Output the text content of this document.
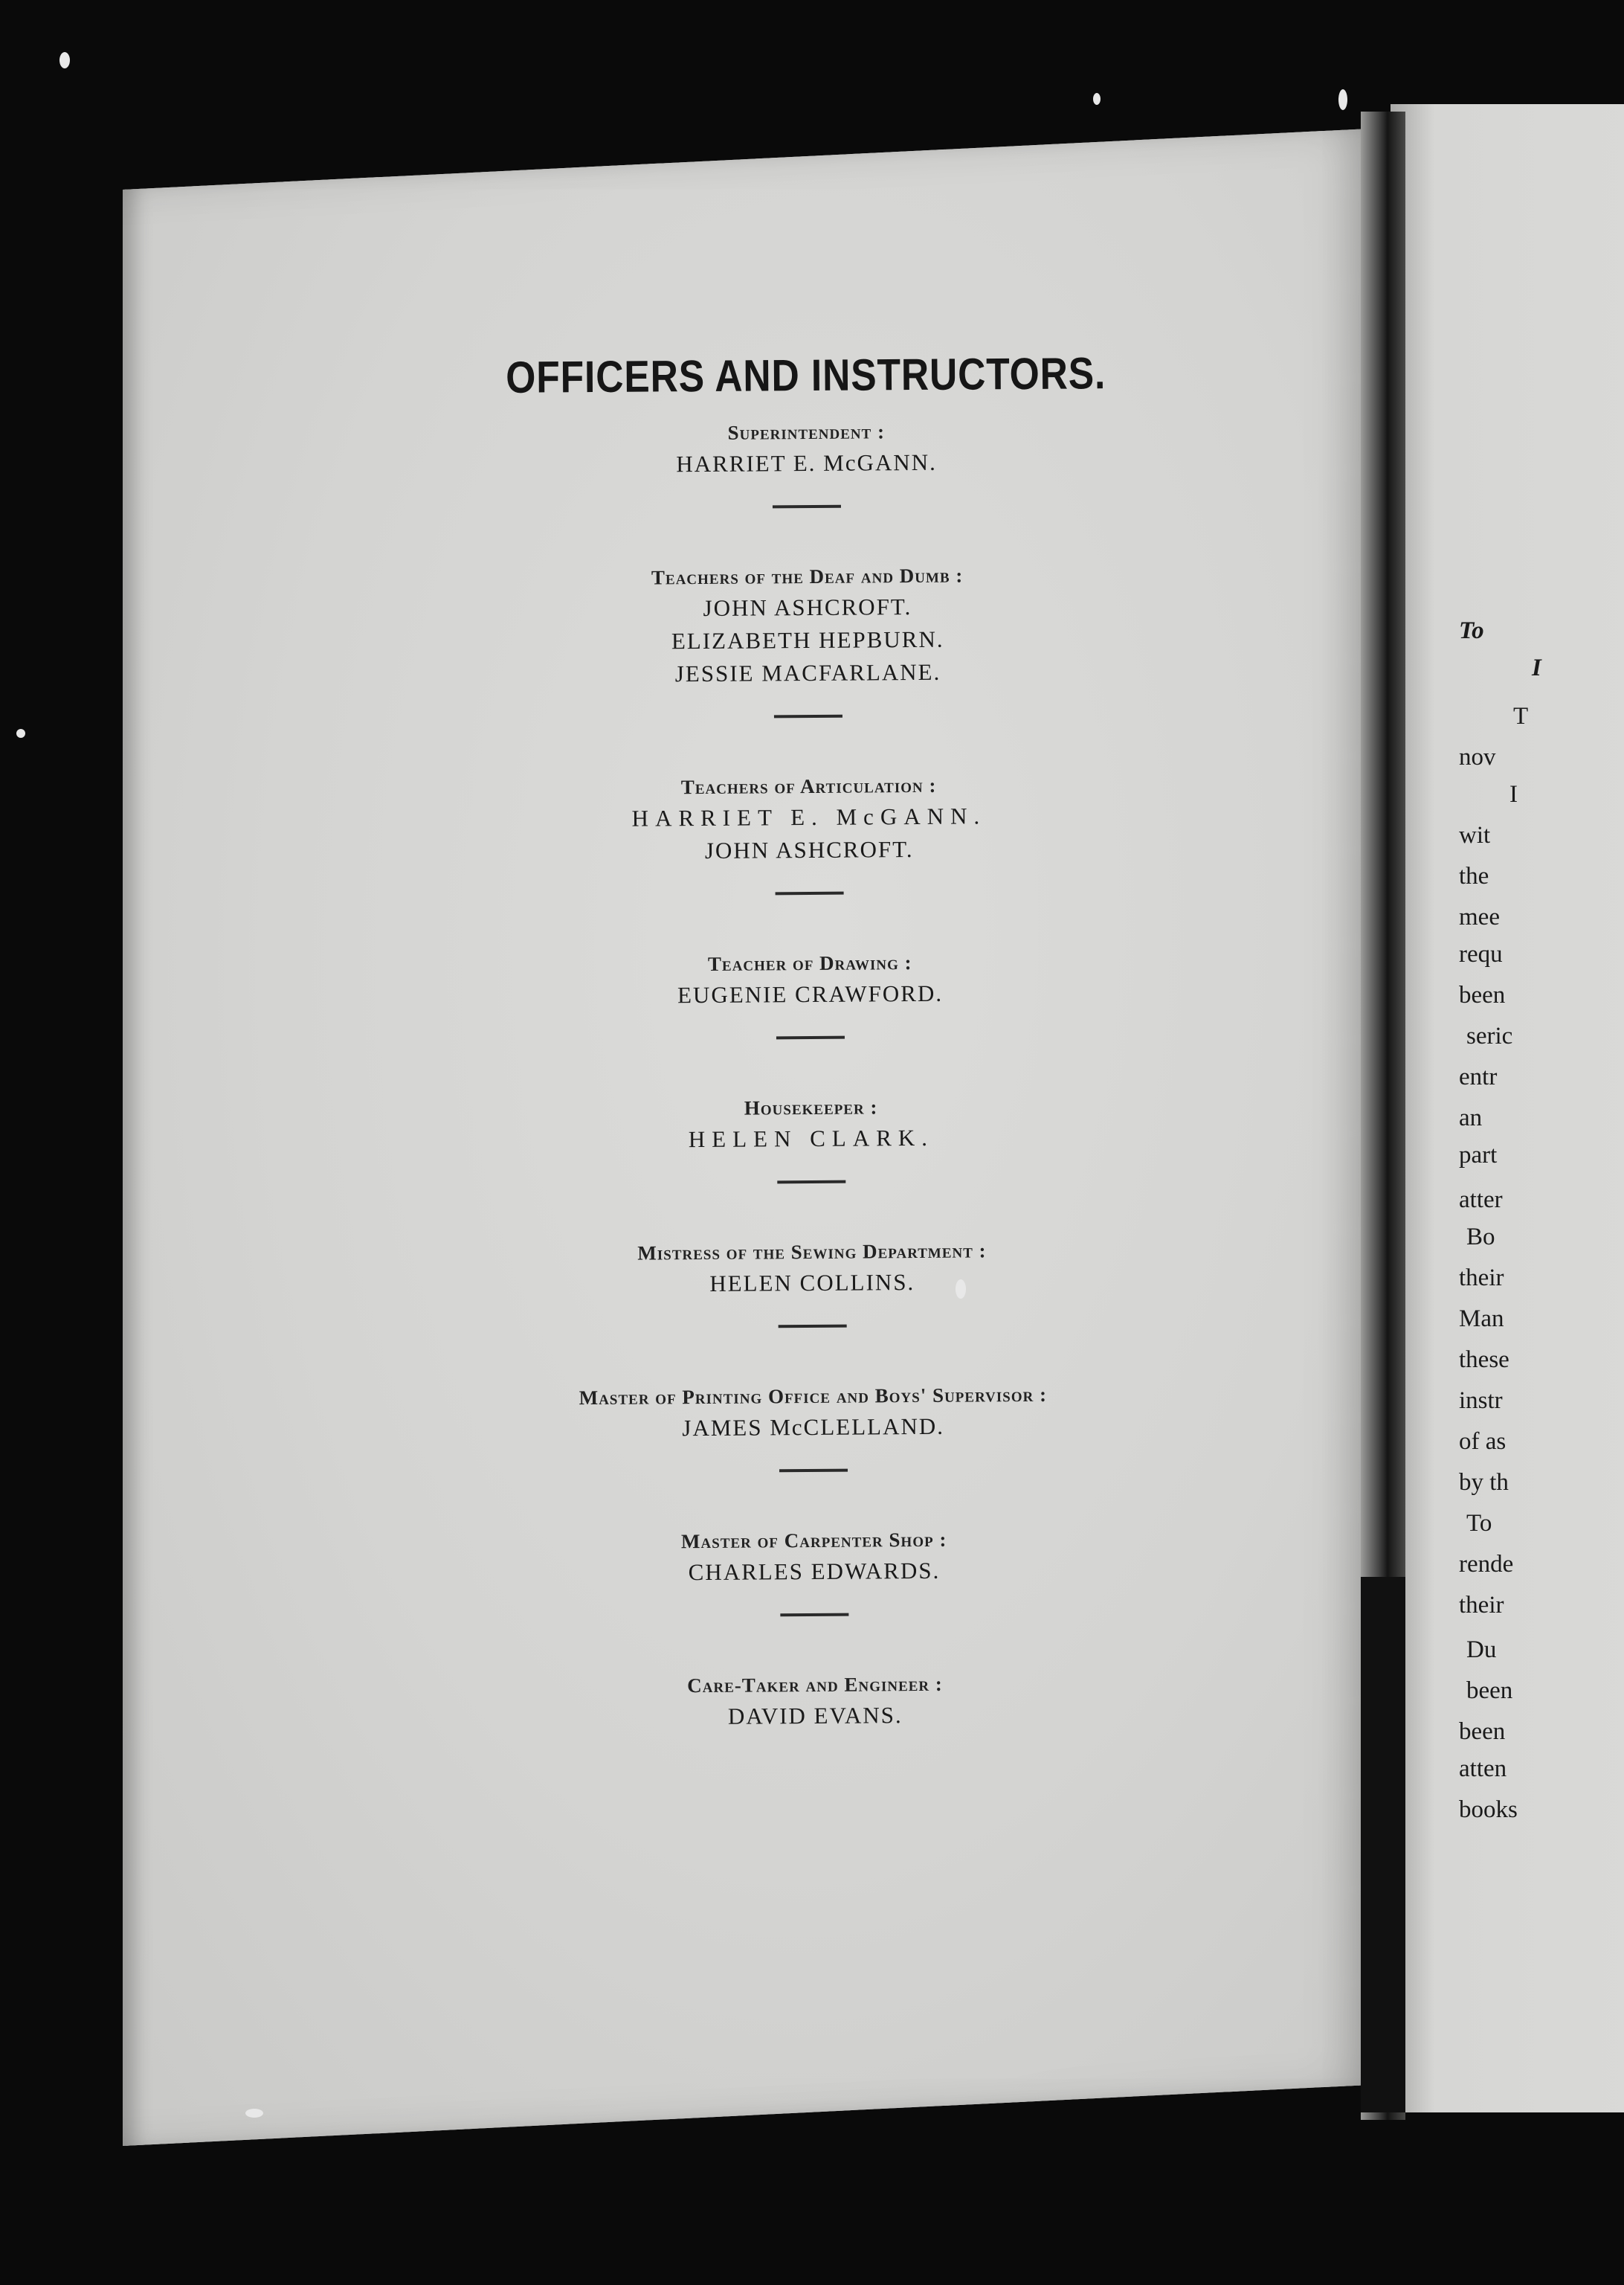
To
I
T
nov
I
wit
the
mee
requ
been
seric
entr
an
part
atter
Bo
their
Man
these
instr
of as
by th
To
rende
their
Du
been
been
atten
books
OFFICERS AND INSTRUCTORS.

Superintendent :

HARRIET E. McGANN.

Teachers of the Deaf and Dumb :

JOHN ASHCROFT.

ELIZABETH HEPBURN.

JESSIE MACFARLANE.

Teachers of Articulation :

HARRIET E. McGANN.

JOHN ASHCROFT.

Teacher of Drawing :

EUGENIE CRAWFORD.

Housekeeper :

HELEN CLARK.

Mistress of the Sewing Department :

HELEN COLLINS.

Master of Printing Office and Boys' Supervisor :

JAMES McCLELLAND.

Master of Carpenter Shop :

CHARLES EDWARDS.

Care-Taker and Engineer :

DAVID EVANS.
